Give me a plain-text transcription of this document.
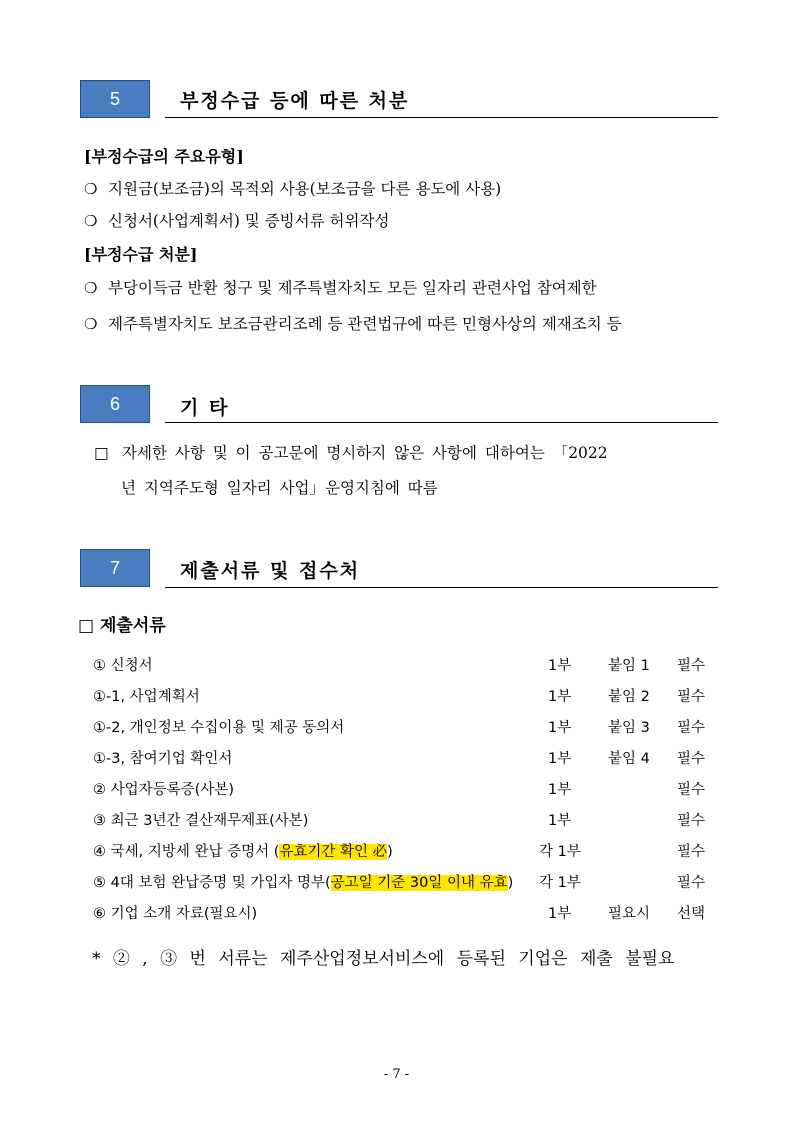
5	부정수급 등에 따른 처분
[부정수급의 주요유형]
❍ 지원금(보조금)의 목적외 사용(보조금을 다른 용도에 사용)
❍ 신청서(사업계획서) 및 증빙서류 허위작성
[부정수급 처분]
❍ 부당이득금 반환 청구 및 제주특별자치도 모든 일자리 관련사업 참여제한
❍ 제주특별자치도 보조금관리조례 등 관련법규에 따른 민형사상의 제재조치 등
6	기 타
□ 자세한 사항 및 이 공고문에 명시하지 않은 사항에 대하여는 「2022
년 지역주도형 일자리 사업」운영지침에 따름
7	제출서류 및 접수처
□ 제출서류
① 신청서	1부	붙임 1 필수
①-1, 사업계획서	1부	붙임 2 필수
①-2, 개인정보 수집이용 및 제공 동의서	1부	붙임 3 필수
①-3, 참여기업 확인서	1부	붙임 4 필수
② 사업자등록증(사본)	1부	필수
③ 최근 3년간 결산재무제표(사본)	1부	필수
④ 국세, 지방세 완납 증명서 (유효기간 확인 必)	각 1부	필수
⑤ 4대 보험 완납증명 및 가입자 명부(공고일 기준 30일 이내 유효) 각 1부	필수
⑥ 기업 소개 자료(필요시)	1부	필요시 선택
* ② , ③ 번 서류는 제주산업정보서비스에 등록된 기업은 제출 불필요
- 7 -
